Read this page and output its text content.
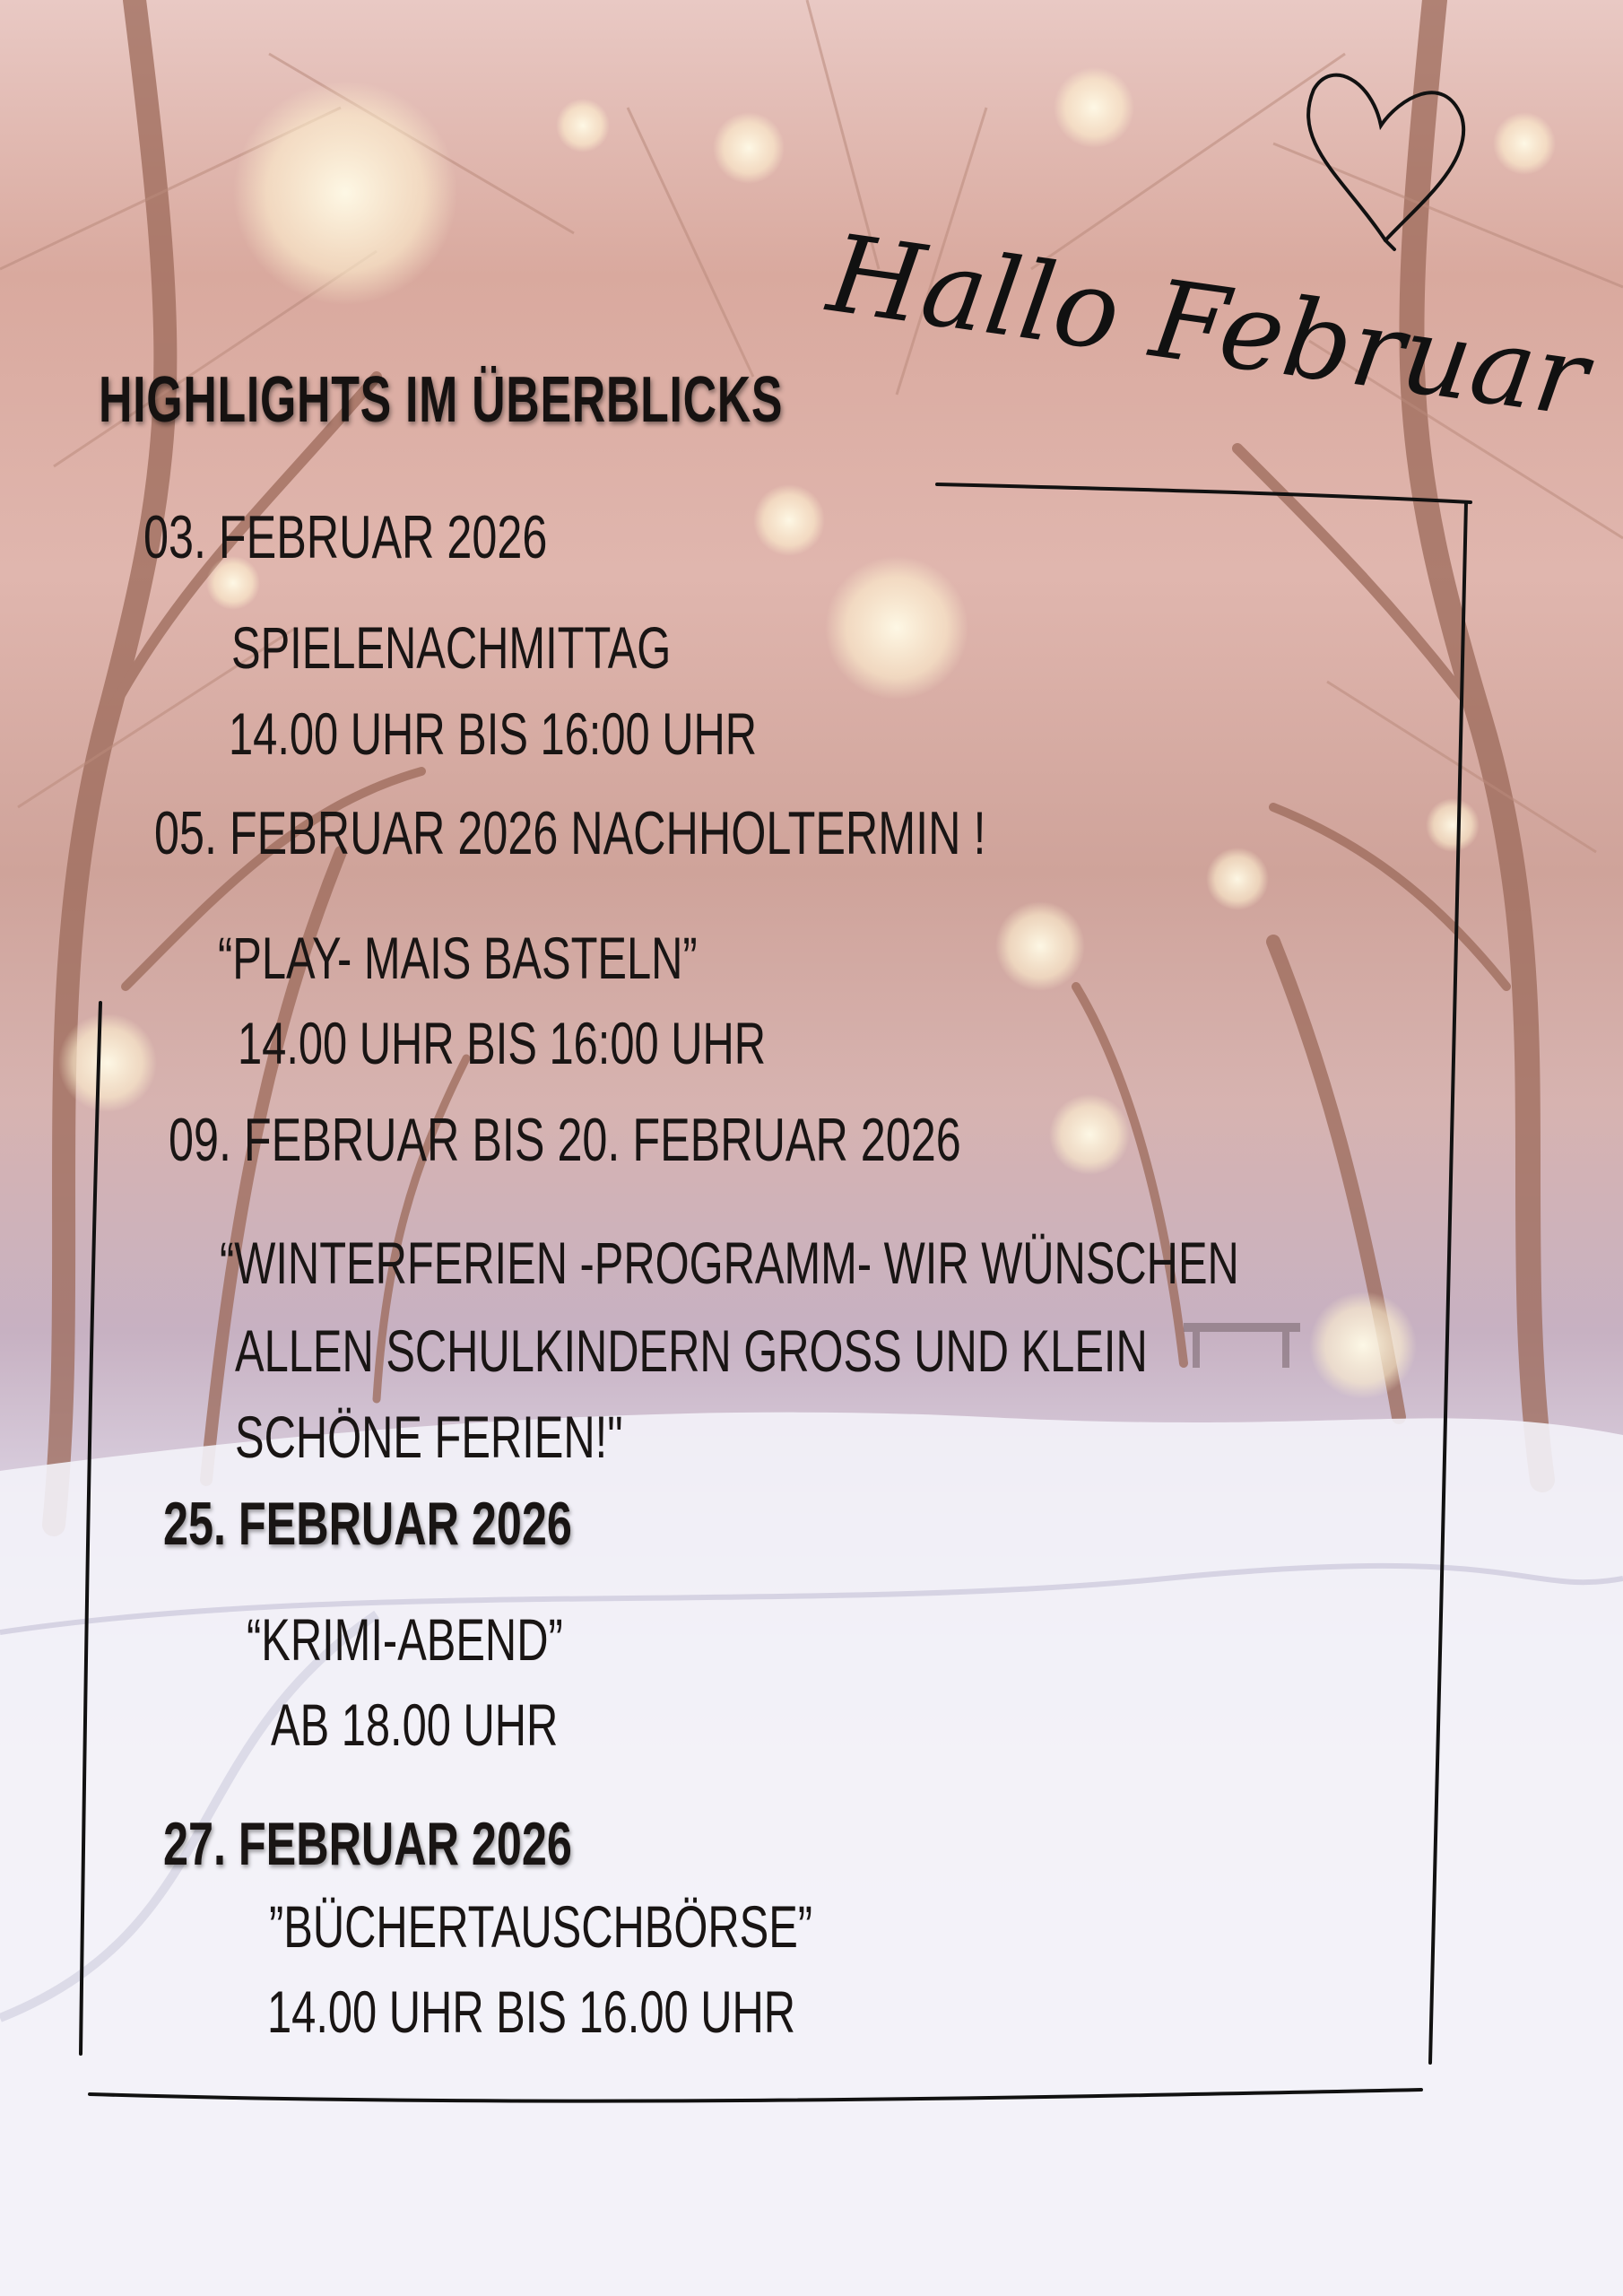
Hallo Februar
HIGHLIGHTS IM ÜBERBLICKS
03. FEBRUAR 2026
SPIELENACHMITTAG
14.00 UHR BIS 16:00 UHR
05. FEBRUAR 2026 NACHHOLTERMIN !
“PLAY- MAIS BASTELN”
14.00 UHR BIS 16:00 UHR
09. FEBRUAR BIS 20. FEBRUAR 2026
“WINTERFERIEN -PROGRAMM- WIR WÜNSCHEN
ALLEN SCHULKINDERN GROSS UND KLEIN
SCHÖNE FERIEN!"
25. FEBRUAR 2026
“KRIMI-ABEND”
AB 18.00 UHR
27. FEBRUAR 2026
”BÜCHERTAUSCHBÖRSE”
14.00 UHR BIS 16.00 UHR
